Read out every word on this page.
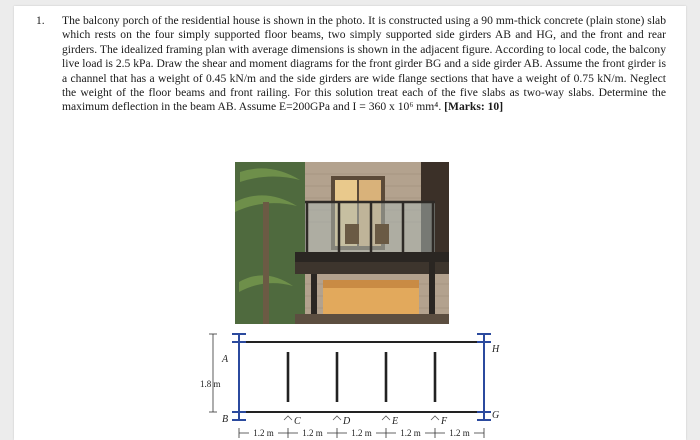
1. The balcony porch of the residential house is shown in the photo. It is constructed using a 90 mm-thick concrete (plain stone) slab which rests on the four simply supported floor beams, two simply supported side girders AB and HG, and the front and rear girders. The idealized framing plan with average dimensions is shown in the adjacent figure. According to local code, the balcony live load is 2.5 kPa. Draw the shear and moment diagrams for the front girder BG and a side girder AB. Assume the front girder is a channel that has a weight of 0.45 kN/m and the side girders are wide flange sections that have a weight of 0.75 kN/m. Neglect the weight of the floor beams and front railing. For this solution treat each of the five slabs as two-way slabs. Determine the maximum deflection in the beam AB. Assume E=200GPa and I = 360 x 10⁶ mm⁴. [Marks: 10]
1.8 m
A
B	C	D	E	F
G
H
1.2 m	1.2 m	1.2 m	1.2 m	1.2 m
